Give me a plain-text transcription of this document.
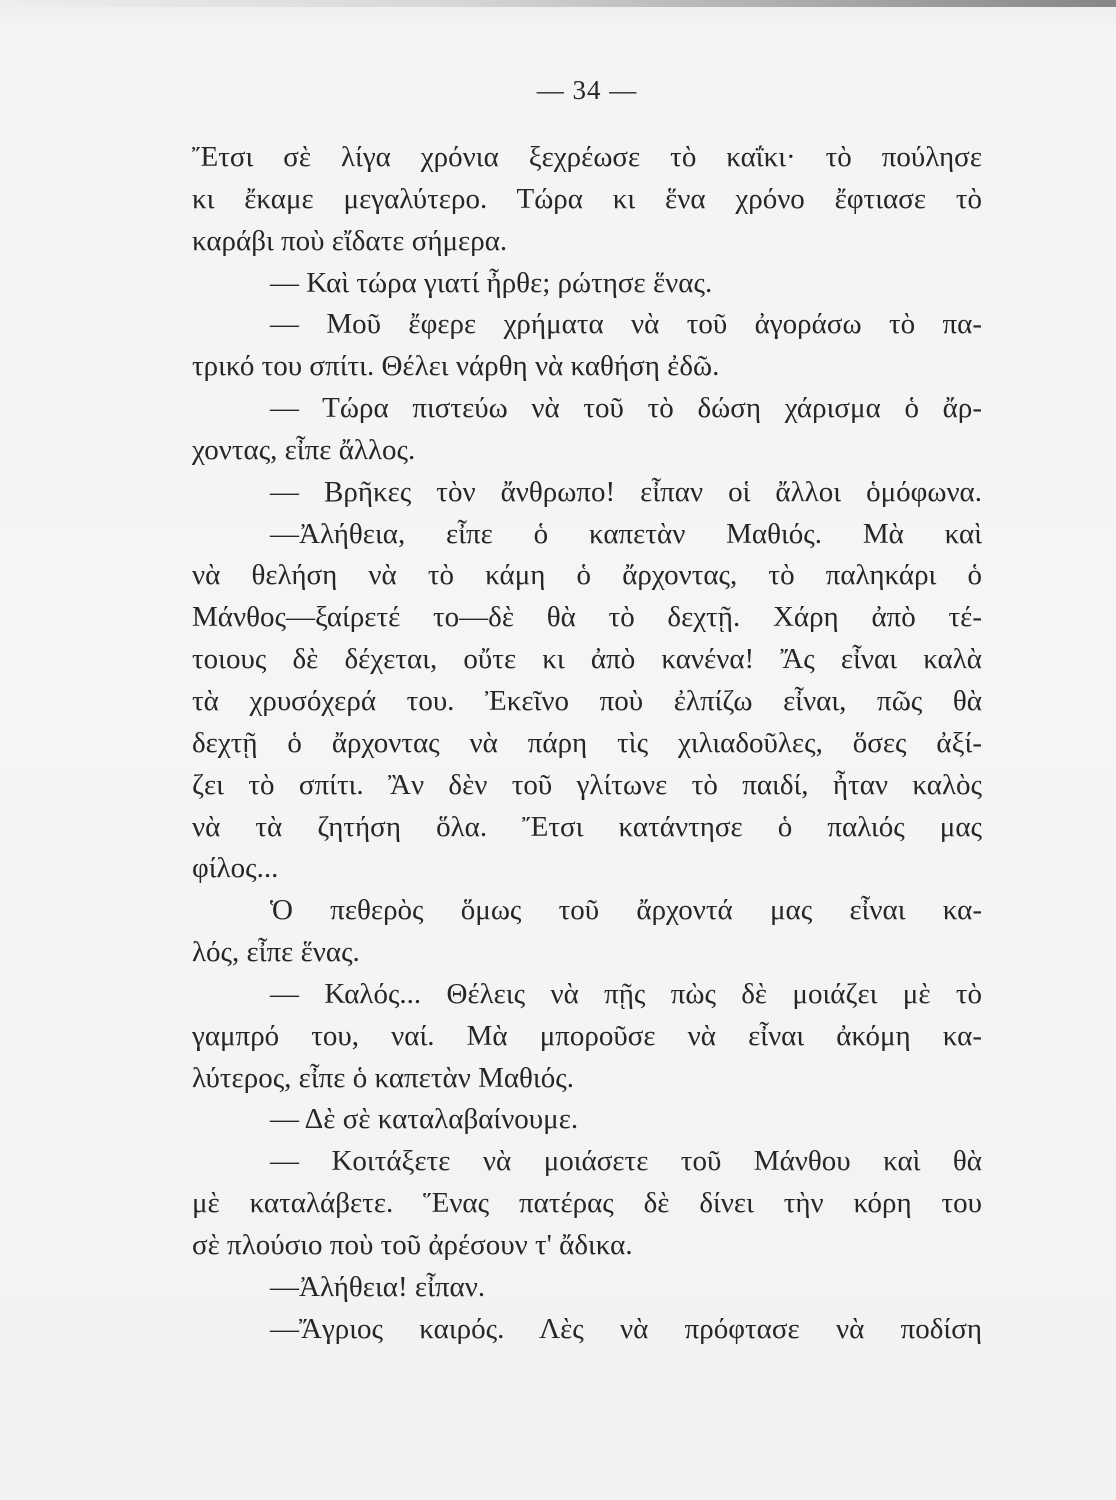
— 34 —
Ἔτσι σὲ λίγα χρόνια ξεχρέωσε τὸ καΐκι· τὸ πούλησε
κι ἔκαμε μεγαλύτερο. Τώρα κι ἕνα χρόνο ἔφτιασε τὸ
καράβι ποὺ εἴδατε σήμερα.
— Καὶ τώρα γιατί ἦρθε; ρώτησε ἕνας.
— Μοῦ ἔφερε χρήματα νὰ τοῦ ἀγοράσω τὸ πα-
τρικό του σπίτι. Θέλει νάρθη νὰ καθήση ἐδῶ.
— Τώρα πιστεύω νὰ τοῦ τὸ δώση χάρισμα ὁ ἄρ-
χοντας, εἶπε ἄλλος.
— Βρῆκες τὸν ἄνθρωπο! εἶπαν οἱ ἄλλοι ὁμόφωνα.
—Ἀλήθεια, εἶπε ὁ καπετὰν Μαθιός. Μὰ καὶ
νὰ θελήση νὰ τὸ κάμη ὁ ἄρχοντας, τὸ παληκάρι ὁ
Μάνθος—ξαίρετέ το—δὲ θὰ τὸ δεχτῇ. Χάρη ἀπὸ τέ-
τοιους δὲ δέχεται, οὔτε κι ἀπὸ κανένα! Ἄς εἶναι καλὰ
τὰ χρυσόχερά του. Ἐκεῖνο ποὺ ἐλπίζω εἶναι, πῶς θὰ
δεχτῇ ὁ ἄρχοντας νὰ πάρη τὶς χιλιαδοῦλες, ὅσες ἀξί-
ζει τὸ σπίτι. Ἂν δὲν τοῦ γλίτωνε τὸ παιδί, ἦταν καλὸς
νὰ τὰ ζητήση ὅλα. Ἔτσι κατάντησε ὁ παλιός μας
φίλος...
Ὁ πεθερὸς ὅμως τοῦ ἄρχοντά μας εἶναι κα-
λός, εἶπε ἕνας.
— Καλός... Θέλεις νὰ πῇς πὼς δὲ μοιάζει μὲ τὸ
γαμπρό του, ναί. Μὰ μποροῦσε νὰ εἶναι ἀκόμη κα-
λύτερος, εἶπε ὁ καπετὰν Μαθιός.
— Δὲ σὲ καταλαβαίνουμε.
— Κοιτάξετε νὰ μοιάσετε τοῦ Μάνθου καὶ θὰ
μὲ καταλάβετε. Ἕνας πατέρας δὲ δίνει τὴν κόρη του
σὲ πλούσιο ποὺ τοῦ ἀρέσουν τ' ἄδικα.
—Ἀλήθεια! εἶπαν.
—Ἄγριος καιρός. Λὲς νὰ πρόφτασε νὰ ποδίση
